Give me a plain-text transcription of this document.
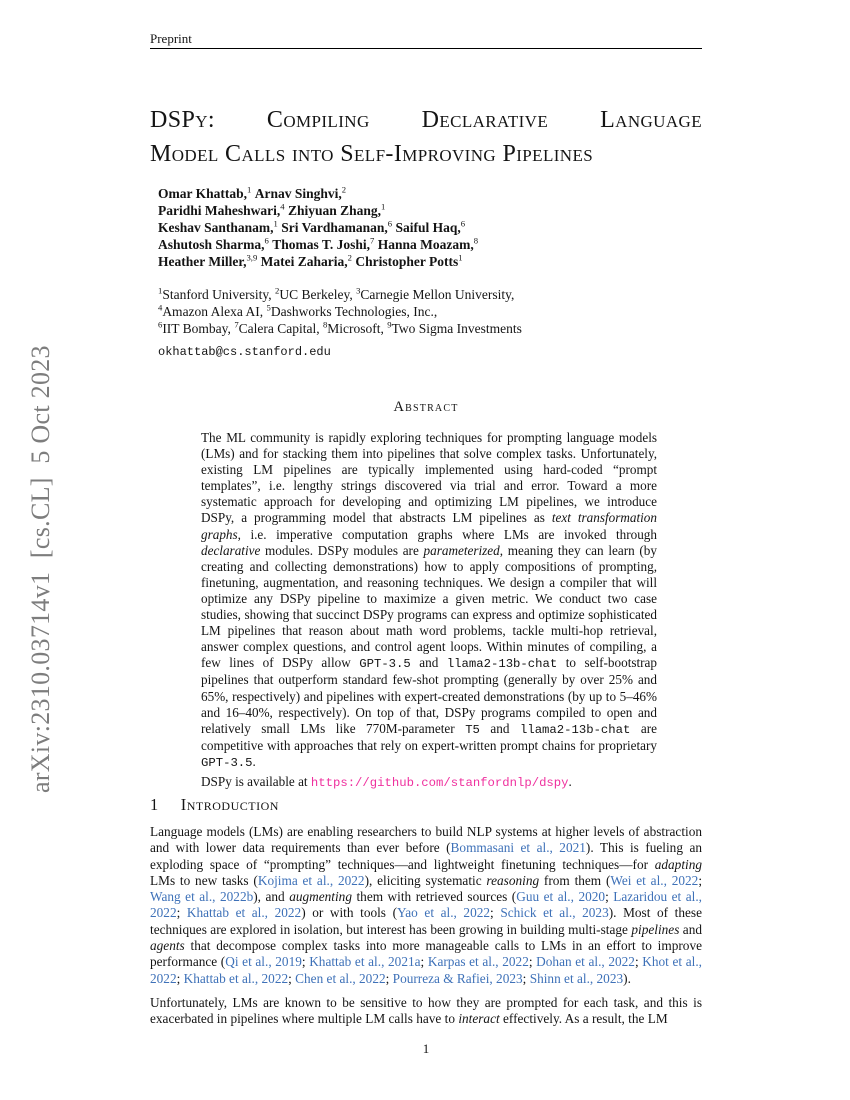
Preprint
arXiv:2310.03714v1  [cs.CL]  5 Oct 2023
DSPy: Compiling Declarative Language
Model Calls into Self-Improving Pipelines
Omar Khattab,$^1$ Arnav Singhvi,$^2$
Paridhi Maheshwari,$^4$ Zhiyuan Zhang,$^1$
Keshav Santhanam,$^1$ Sri Vardhamanan,$^6$ Saiful Haq,$^6$
Ashutosh Sharma,$^6$ Thomas T. Joshi,$^7$ Hanna Moazam,$^8$
Heather Miller,$^{3,9}$ Matei Zaharia,$^2$ Christopher Potts$^1$
$^1$Stanford University, $^2$UC Berkeley, $^3$Carnegie Mellon University,
$^4$Amazon Alexa AI, $^5$Dashworks Technologies, Inc.,
$^6$IIT Bombay, $^7$Calera Capital, $^8$Microsoft, $^9$Two Sigma Investments
okhattab@cs.stanford.edu
Abstract

The ML community is rapidly exploring techniques for prompting language models (LMs) and for stacking them into pipelines that solve complex tasks. Unfortunately, existing LM pipelines are typically implemented using hard-coded “prompt templates”, i.e. lengthy strings discovered via trial and error. Toward a more systematic approach for developing and optimizing LM pipelines, we introduce DSPy, a programming model that abstracts LM pipelines as text transformation graphs, i.e. imperative computation graphs where LMs are invoked through declarative modules. DSPy modules are parameterized, meaning they can learn (by creating and collecting demonstrations) how to apply compositions of prompting, finetuning, augmentation, and reasoning techniques. We design a compiler that will optimize any DSPy pipeline to maximize a given metric. We conduct two case studies, showing that succinct DSPy programs can express and optimize sophisticated LM pipelines that reason about math word problems, tackle multi-hop retrieval, answer complex questions, and control agent loops. Within minutes of compiling, a few lines of DSPy allow GPT-3.5 and llama2-13b-chat to self-bootstrap pipelines that outperform standard few-shot prompting (generally by over 25% and 65%, respectively) and pipelines with expert-created demonstrations (by up to 5–46% and 16–40%, respectively). On top of that, DSPy programs compiled to open and relatively small LMs like 770M-parameter T5 and llama2-13b-chat are competitive with approaches that rely on expert-written prompt chains for proprietary GPT-3.5.

DSPy is available at https://github.com/stanfordnlp/dspy.

1 Introduction

Language models (LMs) are enabling researchers to build NLP systems at higher levels of abstraction and with lower data requirements than ever before (Bommasani et al., 2021). This is fueling an exploding space of “prompting” techniques—and lightweight finetuning techniques—for adapting LMs to new tasks (Kojima et al., 2022), eliciting systematic reasoning from them (Wei et al., 2022; Wang et al., 2022b), and augmenting them with retrieved sources (Guu et al., 2020; Lazaridou et al., 2022; Khattab et al., 2022) or with tools (Yao et al., 2022; Schick et al., 2023). Most of these techniques are explored in isolation, but interest has been growing in building multi-stage pipelines and agents that decompose complex tasks into more manageable calls to LMs in an effort to improve performance (Qi et al., 2019; Khattab et al., 2021a; Karpas et al., 2022; Dohan et al., 2022; Khot et al., 2022; Khattab et al., 2022; Chen et al., 2022; Pourreza & Rafiei, 2023; Shinn et al., 2023).

Unfortunately, LMs are known to be sensitive to how they are prompted for each task, and this is exacerbated in pipelines where multiple LM calls have to interact effectively. As a result, the LM

1
